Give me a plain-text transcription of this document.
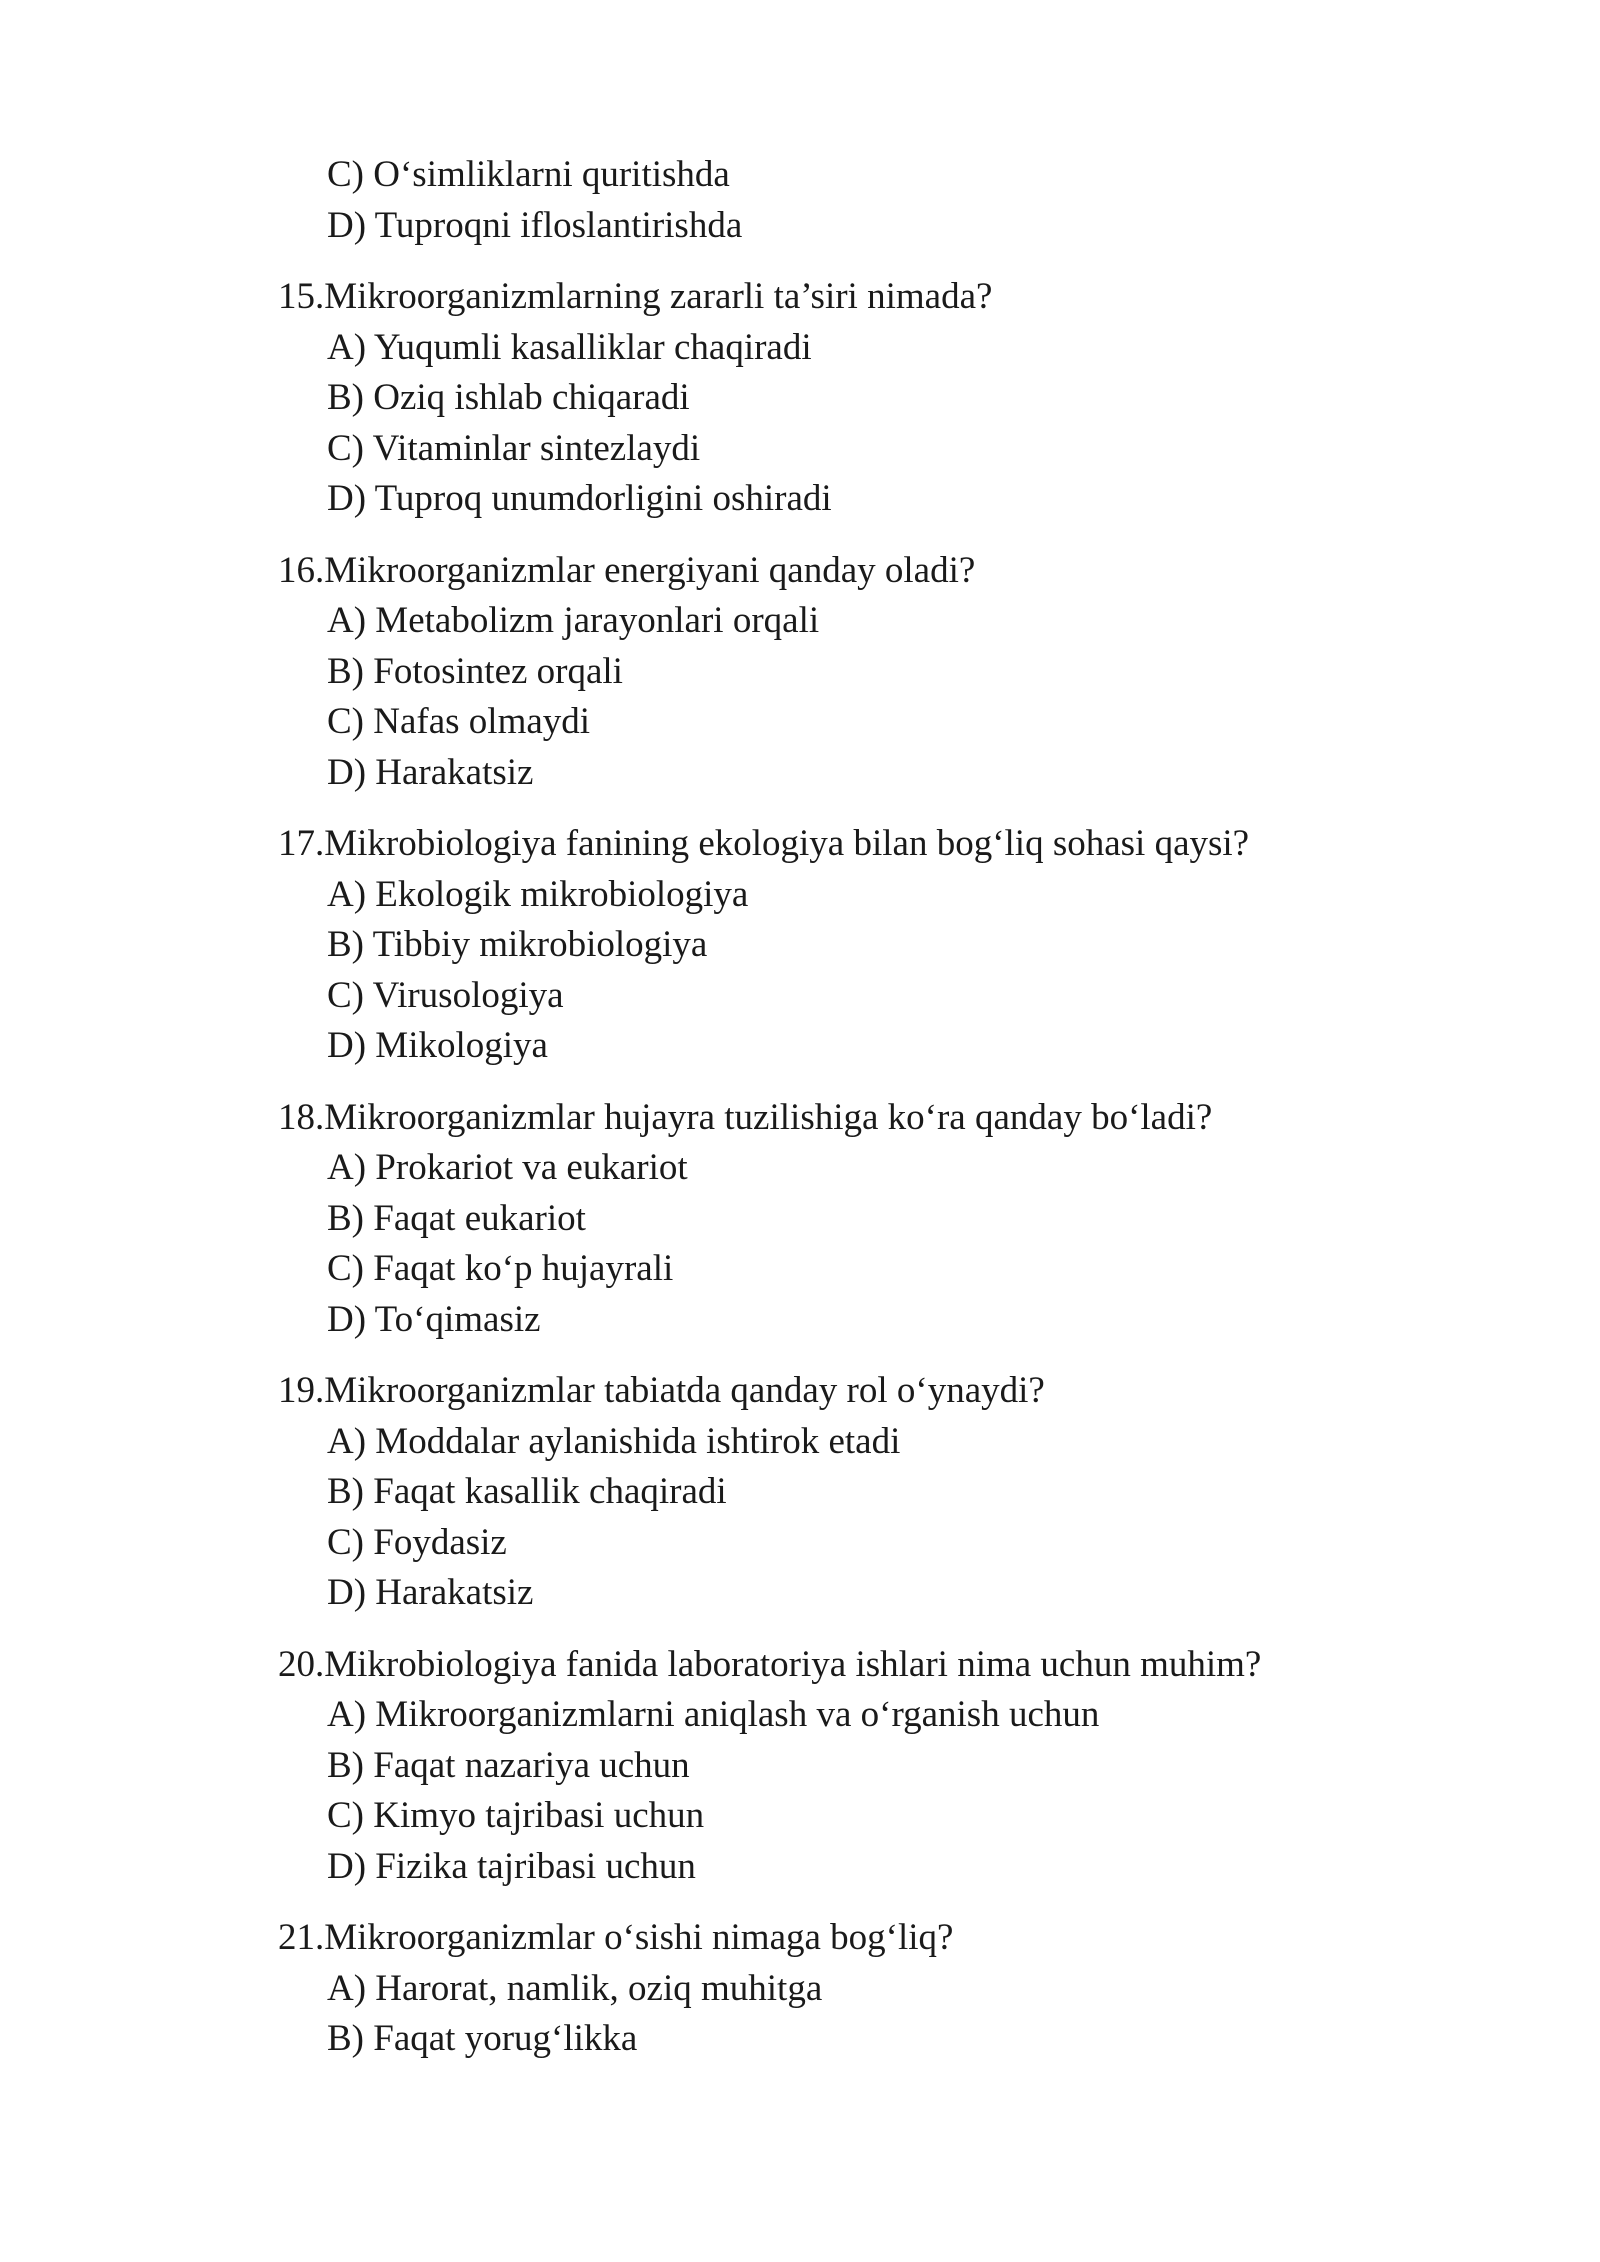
C) O‘simliklarni quritishda
D) Tuproqni ifloslantirishda
15.Mikroorganizmlarning zararli ta’siri nimada?
A) Yuqumli kasalliklar chaqiradi
B) Oziq ishlab chiqaradi
C) Vitaminlar sintezlaydi
D) Tuproq unumdorligini oshiradi
16.Mikroorganizmlar energiyani qanday oladi?
A) Metabolizm jarayonlari orqali
B) Fotosintez orqali
C) Nafas olmaydi
D) Harakatsiz
17.Mikrobiologiya fanining ekologiya bilan bog‘liq sohasi qaysi?
A) Ekologik mikrobiologiya
B) Tibbiy mikrobiologiya
C) Virusologiya
D) Mikologiya
18.Mikroorganizmlar hujayra tuzilishiga ko‘ra qanday bo‘ladi?
A) Prokariot va eukariot
B) Faqat eukariot
C) Faqat ko‘p hujayrali
D) To‘qimasiz
19.Mikroorganizmlar tabiatda qanday rol o‘ynaydi?
A) Moddalar aylanishida ishtirok etadi
B) Faqat kasallik chaqiradi
C) Foydasiz
D) Harakatsiz
20.Mikrobiologiya fanida laboratoriya ishlari nima uchun muhim?
A) Mikroorganizmlarni aniqlash va o‘rganish uchun
B) Faqat nazariya uchun
C) Kimyo tajribasi uchun
D) Fizika tajribasi uchun
21.Mikroorganizmlar o‘sishi nimaga bog‘liq?
A) Harorat, namlik, oziq muhitga
B) Faqat yorug‘likka
